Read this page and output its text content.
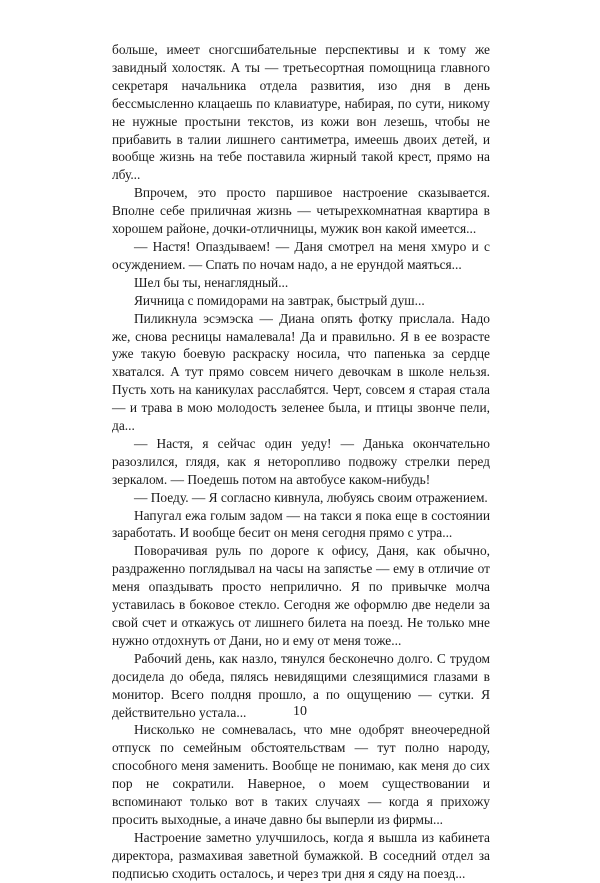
больше, имеет сногсшибательные перспективы и к тому же завидный холостяк. А ты — третьесортная помощница главного секретаря начальника отдела развития, изо дня в день бессмысленно клацаешь по клавиатуре, набирая, по сути, никому не нужные простыни текстов, из кожи вон лезешь, чтобы не прибавить в талии лишнего сантиметра, имеешь двоих детей, и вообще жизнь на тебе поставила жирный такой крест, прямо на лбу...

Впрочем, это просто паршивое настроение сказывается. Вполне себе приличная жизнь — четырехкомнатная квартира в хорошем районе, дочки-отличницы, мужик вон какой имеется...

— Настя! Опаздываем! — Даня смотрел на меня хмуро и с осуждением. — Спать по ночам надо, а не ерундой маяться...

Шел бы ты, ненаглядный...

Яичница с помидорами на завтрак, быстрый душ...

Пиликнула эсэмэска — Диана опять фотку прислала. Надо же, снова ресницы намалевала! Да и правильно. Я в ее возрасте уже такую боевую раскраску носила, что папенька за сердце хватался. А тут прямо совсем ничего девочкам в школе нельзя. Пусть хоть на каникулах расслабятся. Черт, совсем я старая стала — и трава в мою молодость зеленее была, и птицы звонче пели, да...

— Настя, я сейчас один уеду! — Данька окончательно разозлился, глядя, как я неторопливо подвожу стрелки перед зеркалом. — Поедешь потом на автобусе каком-нибудь!

— Поеду. — Я согласно кивнула, любуясь своим отражением.

Напугал ежа голым задом — на такси я пока еще в состоянии заработать. И вообще бесит он меня сегодня прямо с утра...

Поворачивая руль по дороге к офису, Даня, как обычно, раздраженно поглядывал на часы на запястье — ему в отличие от меня опаздывать просто неприлично. Я по привычке молча уставилась в боковое стекло. Сегодня же оформлю две недели за свой счет и откажусь от лишнего билета на поезд. Не только мне нужно отдохнуть от Дани, но и ему от меня тоже...

Рабочий день, как назло, тянулся бесконечно долго. С трудом досидела до обеда, пялясь невидящими слезящимися глазами в монитор. Всего полдня прошло, а по ощущению — сутки. Я действительно устала...

Нисколько не сомневалась, что мне одобрят внеочередной отпуск по семейным обстоятельствам — тут полно народу, способного меня заменить. Вообще не понимаю, как меня до сих пор не сократили. Наверное, о моем существовании и вспоминают только вот в таких случаях — когда я прихожу просить выходные, а иначе давно бы выперли из фирмы...

Настроение заметно улучшилось, когда я вышла из кабинета директора, размахивая заветной бумажкой. В соседний отдел за подписью сходить осталось, и через три дня я сяду на поезд...

10
